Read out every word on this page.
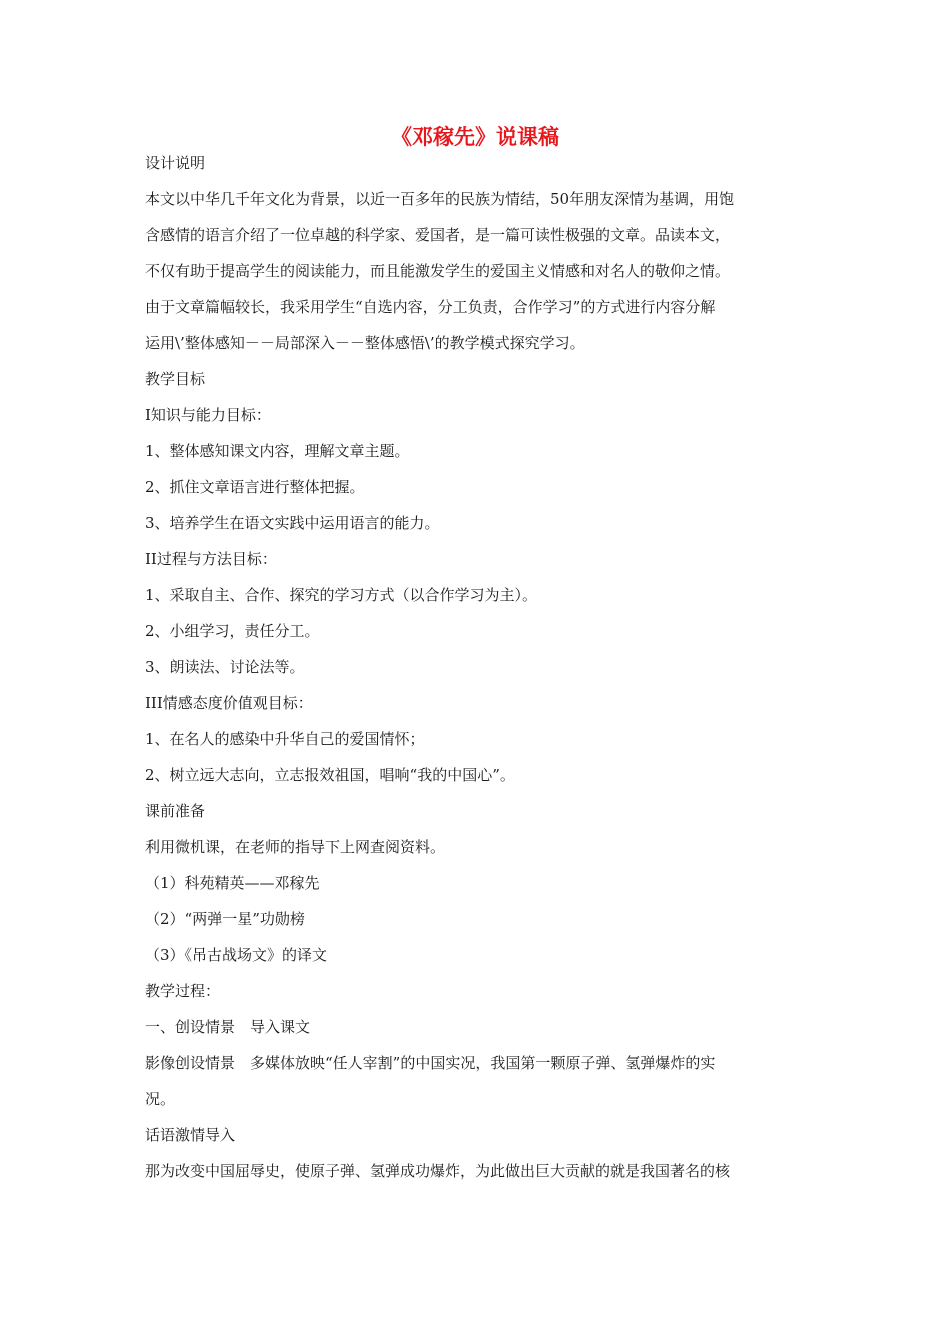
《邓稼先》说课稿

设计说明

本文以中华几千年文化为背景，以近一百多年的民族为情结，50年朋友深情为基调，用饱

含感情的语言介绍了一位卓越的科学家、爱国者，是一篇可读性极强的文章。品读本文，

不仅有助于提高学生的阅读能力，而且能激发学生的爱国主义情感和对名人的敬仰之情。

由于文章篇幅较长，我采用学生“自选内容，分工负责，合作学习”的方式进行内容分解

运用\’整体感知－－局部深入－－整体感悟\’的教学模式探究学习。

教学目标

I知识与能力目标：

1、整体感知课文内容，理解文章主题。

2、抓住文章语言进行整体把握。

3、培养学生在语文实践中运用语言的能力。

II过程与方法目标：

1、采取自主、合作、探究的学习方式（以合作学习为主）。

2、小组学习，责任分工。

3、朗读法、讨论法等。

III情感态度价值观目标：

1、在名人的感染中升华自己的爱国情怀；

2、树立远大志向，立志报效祖国，唱响“我的中国心”。

课前准备

利用微机课，在老师的指导下上网查阅资料。

（1）科苑精英——邓稼先

（2）“两弹一星”功勋榜

（3）《吊古战场文》的译文

教学过程：

一、创设情景　导入课文

影像创设情景　多媒体放映“任人宰割”的中国实况，我国第一颗原子弹、氢弹爆炸的实

况。

话语激情导入

那为改变中国屈辱史，使原子弹、氢弹成功爆炸，为此做出巨大贡献的就是我国著名的核
